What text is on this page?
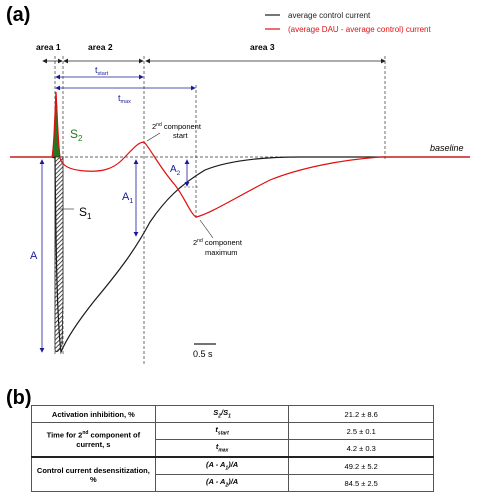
(a)	average control current
(average DAU - average control) current
area 1	area 2	area 3
$t_{start}$
$t_{max}$
baseline
$S_2$
$S_1$
A
$A_1$
$A_2$
2nd component
start
2nd component
maximum
0.5 s
(b)
Activation inhibition, %	$S_2/S_1$	21.2 ± 8.6
Time for 2nd component of current, s	$t_{start}$	2.5 ± 0.1
	$t_{max}$	4.2 ± 0.3
Control current desensitization, %	$(A - A_1)/A$	49.2 ± 5.2
	$(A - A_2)/A$	84.5 ± 2.5
